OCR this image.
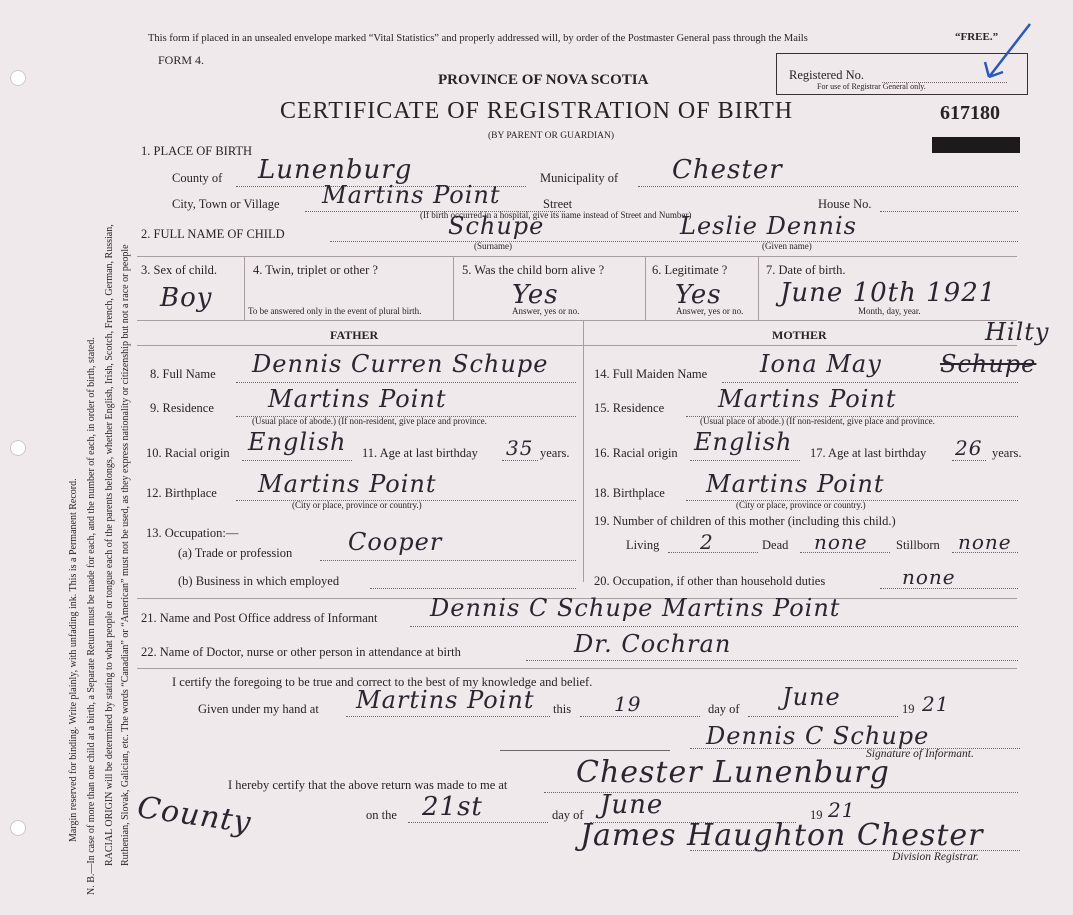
Margin reserved for binding. Write plainly, with unfading ink. This is a Permanent Record. N. B.—In case of more than one child at a birth, a Separate Return must be made for each, and the number of each, in order of birth, stated. RACIAL ORIGIN will be determined by stating to what people or tongue each of the parents belongs, whether English, Irish, Scotch, French, German, Russian, Ruthenian, Slovak, Galician, etc. The words “Canadian” or “American” must not be used, as they express nationality or citizenship but not a race or people
This form if placed in an unsealed envelope marked “Vital Statistics” and properly addressed will, by order of the Postmaster General pass through the Mails	“FREE.”
FORM 4.
PROVINCE OF NOVA SCOTIA
CERTIFICATE OF REGISTRATION OF BIRTH
(BY PARENT OR GUARDIAN)
Registered No.
For use of Registrar General only.
617180
1. PLACE OF BIRTH
County of Lunenburg	Municipality of Chester
City, Town or Village Martins Point	Street	House No.
(If birth occurred in a hospital, give its name instead of Street and Number)
2. FULL NAME OF CHILD	Schupe	Leslie Dennis
(Surname)	(Given name)
3. Sex of child.
Boy
4. Twin, triplet or other ?
To be answered only in the event of plural birth.
5. Was the child born alive ?
Yes
Answer, yes or no.
6. Legitimate ?
Yes
Answer, yes or no.
7. Date of birth.
June 10th 1921
Month, day, year.
FATHER	MOTHER
8. Full Name Dennis Curren Schupe
9. Residence Martins Point
(Usual place of abode.) (If non-resident, give place and province.
10. Racial origin English 11. Age at last birthday 35 years.
12. Birthplace Martins Point
(City or place, province or country.)
13. Occupation:—
(a) Trade or profession Cooper
(b) Business in which employed
14. Full Maiden Name Iona May Schupe
Hilty
15. Residence Martins Point
(Usual place of abode.) (If non-resident, give place and province.
16. Racial origin English 17. Age at last birthday 26 years.
18. Birthplace Martins Point
(City or place, province or country.)
19. Number of children of this mother (including this child.)
Living 2	Dead none Stillborn none
20. Occupation, if other than household duties	none
21. Name and Post Office address of Informant Dennis C Schupe Martins Point
22. Name of Doctor, nurse or other person in attendance at birth	Dr. Cochran
I certify the foregoing to be true and correct to the best of my knowledge and belief.
Given under my hand at Martins Point this 19	day of June	19 21
Dennis C Schupe
Signature of Informant.
I hereby certify that the above return was made to me at Chester Lunenburg
County	on the 21st	day of June	19 21
James Haughton Chester
Division Registrar.
